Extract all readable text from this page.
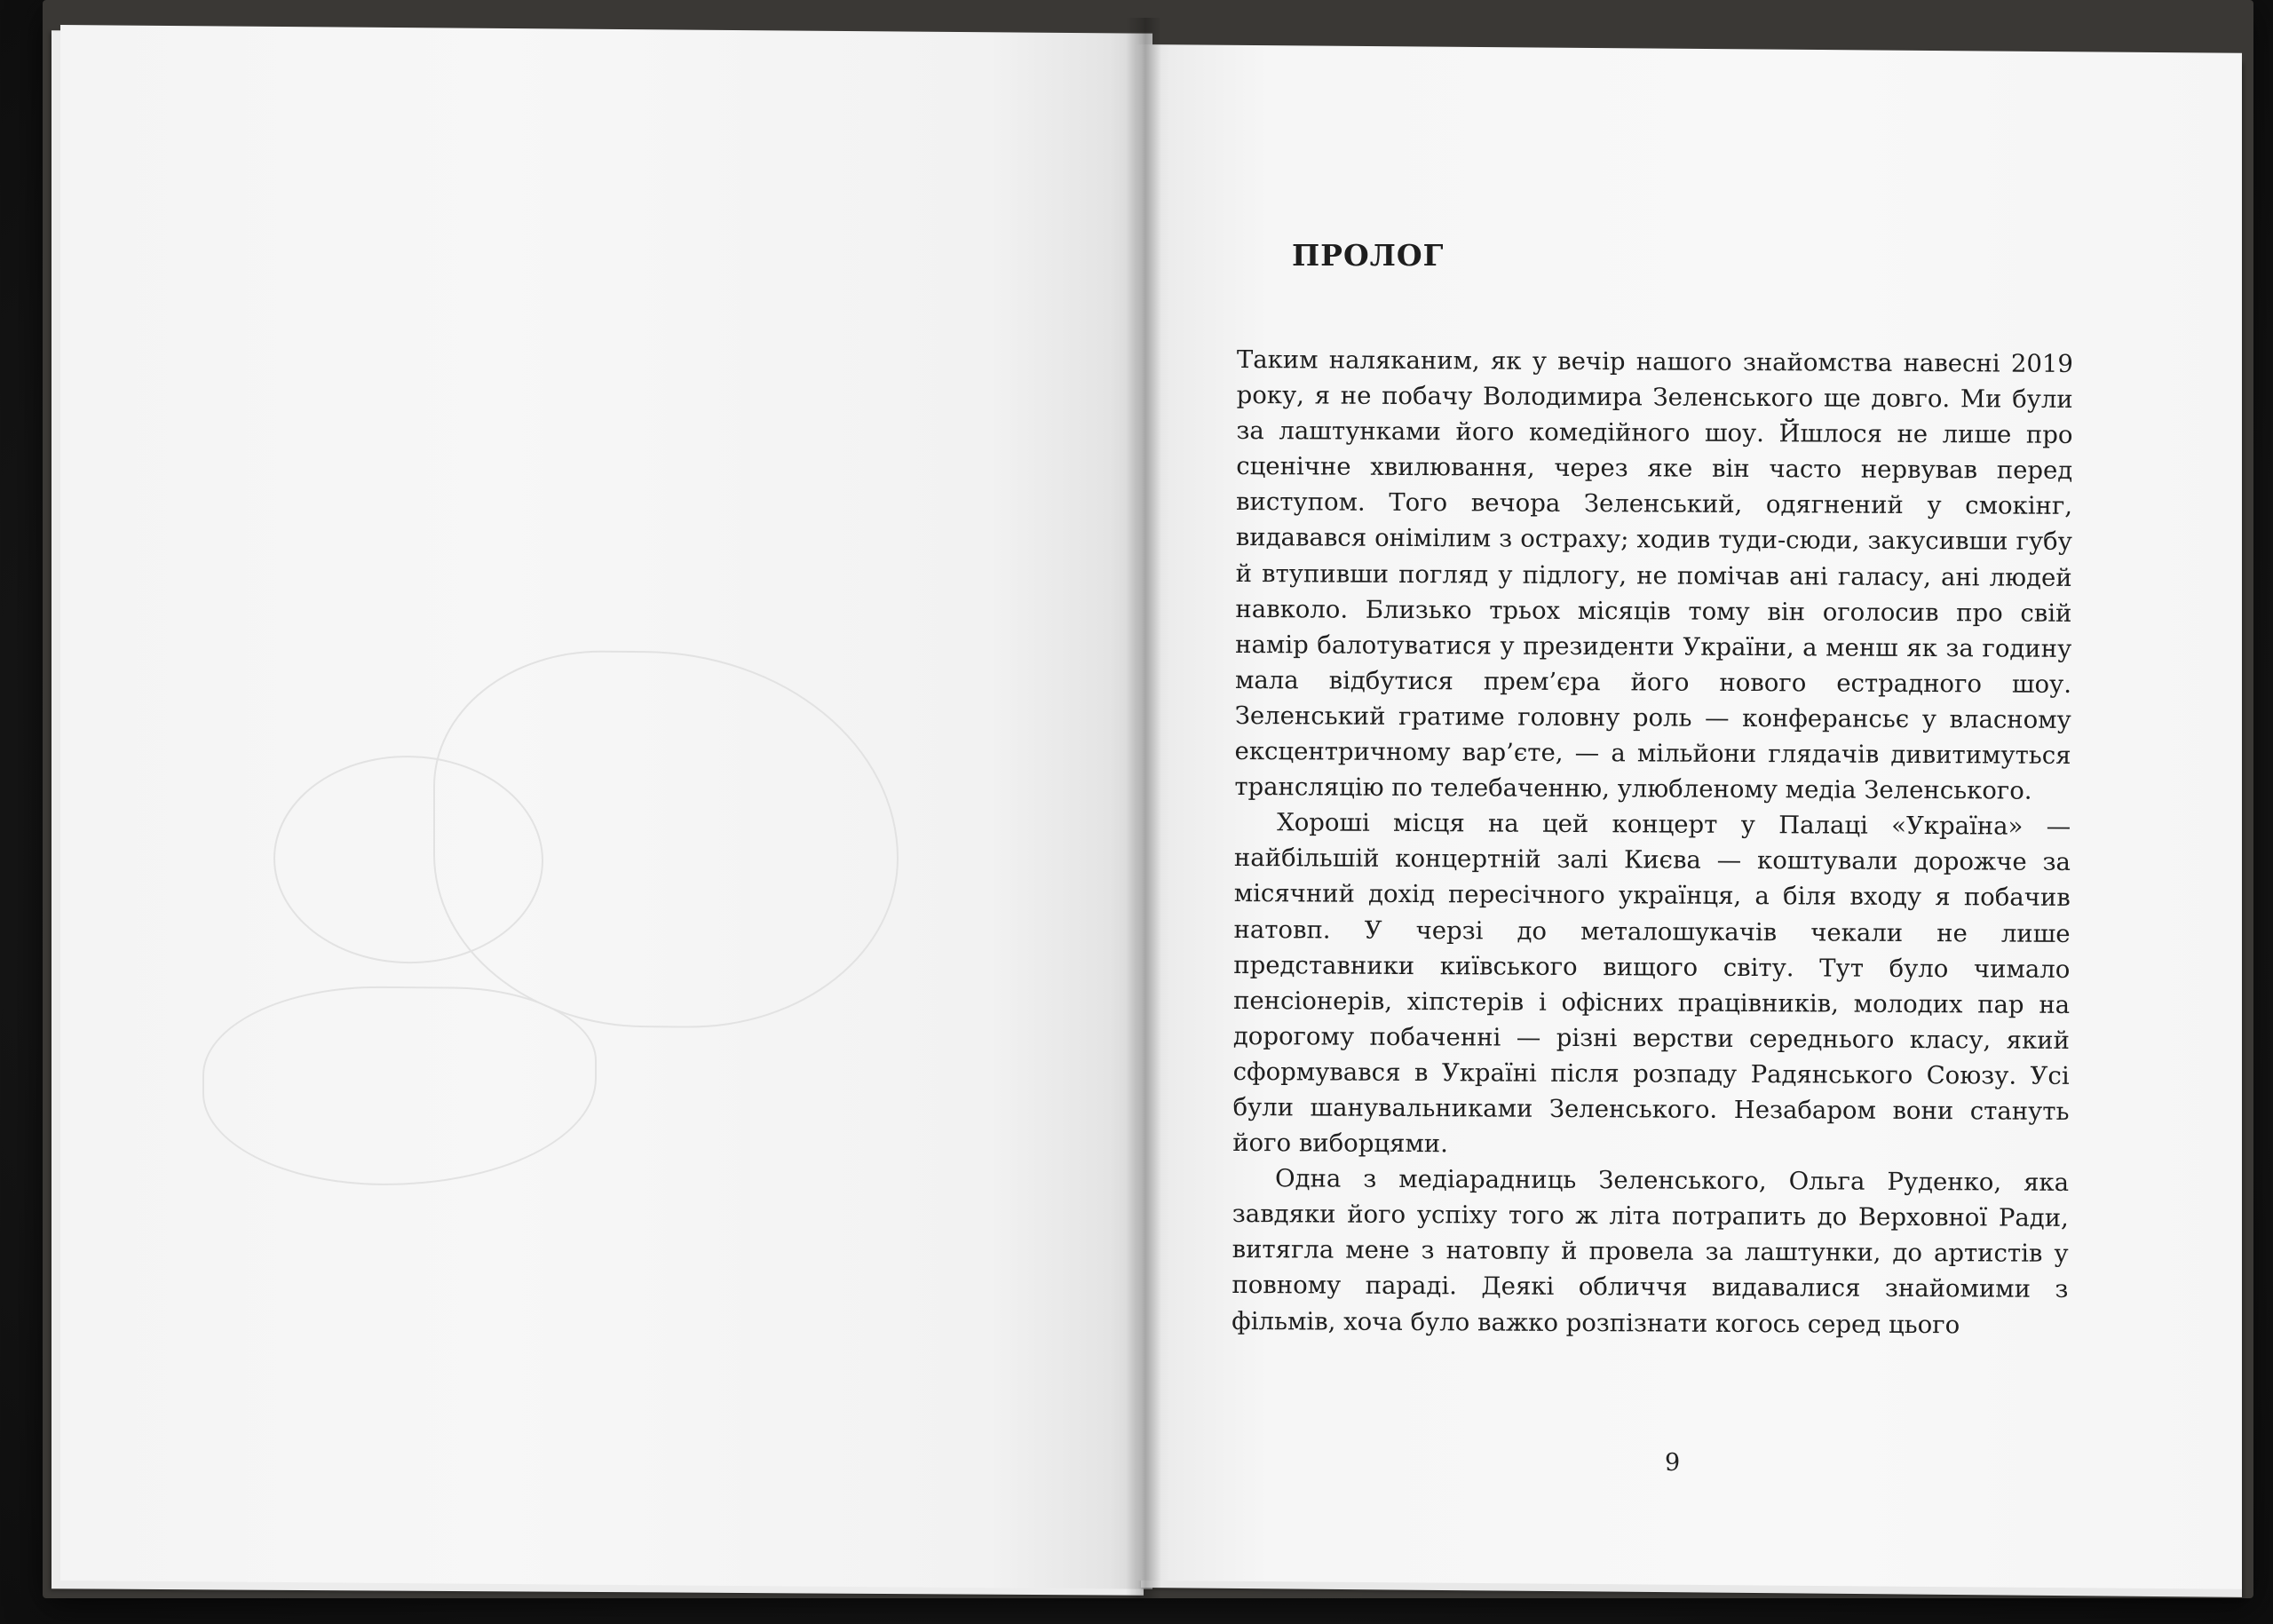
ПРОЛОГ

Таким наляканим, як у вечір нашого знайомства навесні 2019 року, я не побачу Володимира Зеленського ще довго. Ми були за лаштунками його комедійного шоу. Йшлося не лише про сценічне хвилювання, через яке він часто нервував перед виступом. Того вечора Зеленський, одягнений у смокінг, видавався онімілим з остраху; ходив туди-сюди, закусивши губу й втупивши погляд у підлогу, не помічав ані галасу, ані людей навколо. Близько трьох місяців тому він оголосив про свій намір балотуватися у президенти України, а менш як за годину мала відбутися прем’єра його нового естрадного шоу. Зеленський гратиме головну роль — конферансьє у власному ексцентричному вар’єте, — а мільйони глядачів дивитимуться трансляцію по телебаченню, улюбленому медіа Зеленського.

Хороші місця на цей концерт у Палаці «Україна» — найбільшій концертній залі Києва — коштували дорожче за місячний дохід пересічного українця, а біля входу я побачив натовп. У черзі до металошукачів чекали не лише представники київського вищого світу. Тут було чимало пенсіонерів, хіпстерів і офісних працівників, молодих пар на дорогому побаченні — різні верстви середнього класу, який сформувався в Україні після розпаду Радянського Союзу. Усі були шанувальниками Зеленського. Незабаром вони стануть його виборцями.

Одна з медіарадниць Зеленського, Ольга Руденко, яка завдяки його успіху того ж літа потрапить до Верховної Ради, витягла мене з натовпу й провела за лаштунки, до артистів у повному параді. Деякі обличчя видавалися знайомими з фільмів, хоча було важко розпізнати когось серед цього

9
